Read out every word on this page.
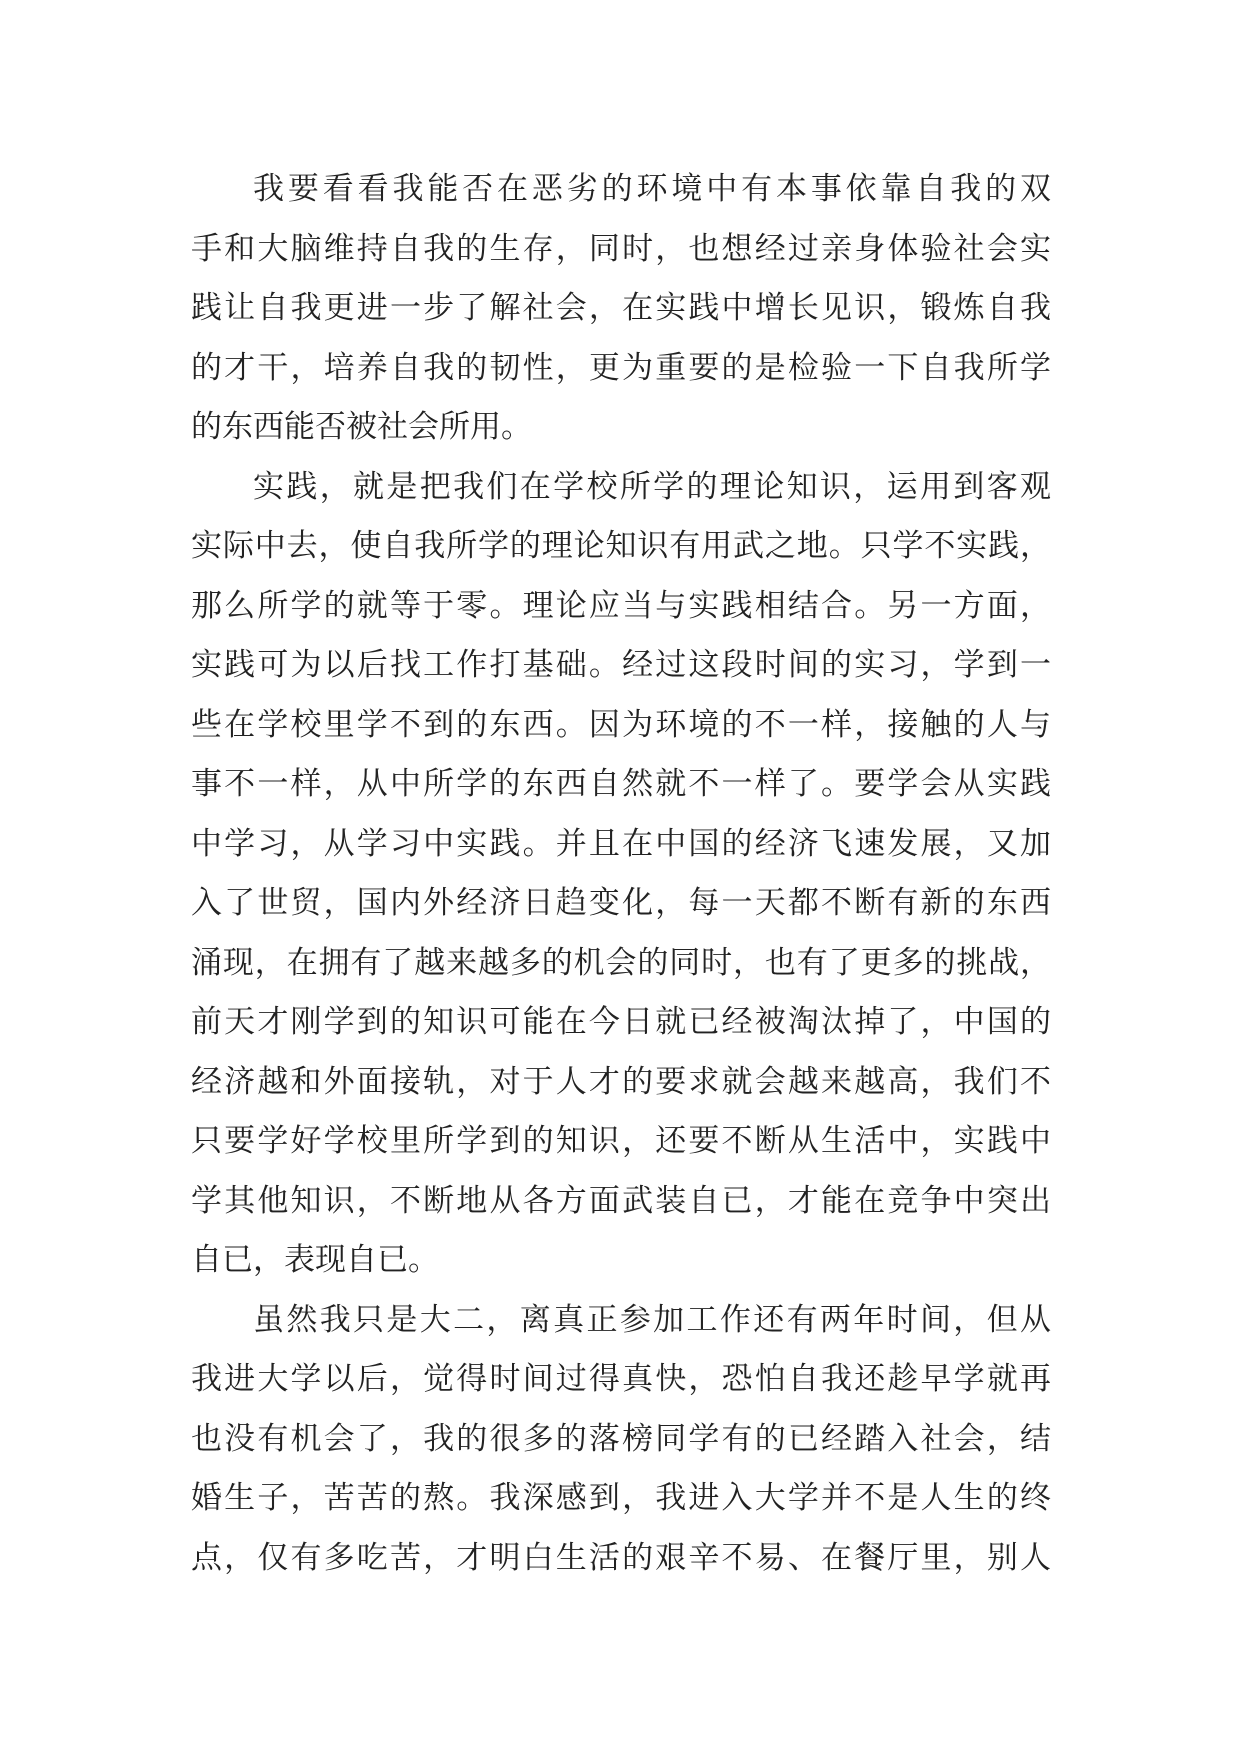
我要看看我能否在恶劣的环境中有本事依靠自我的双
手和大脑维持自我的生存，同时，也想经过亲身体验社会实
践让自我更进一步了解社会，在实践中增长见识，锻炼自我
的才干，培养自我的韧性，更为重要的是检验一下自我所学
的东西能否被社会所用。
实践，就是把我们在学校所学的理论知识，运用到客观
实际中去，使自我所学的理论知识有用武之地。只学不实践，
那么所学的就等于零。理论应当与实践相结合。另一方面，
实践可为以后找工作打基础。经过这段时间的实习，学到一
些在学校里学不到的东西。因为环境的不一样，接触的人与
事不一样，从中所学的东西自然就不一样了。要学会从实践
中学习，从学习中实践。并且在中国的经济飞速发展，又加
入了世贸，国内外经济日趋变化，每一天都不断有新的东西
涌现，在拥有了越来越多的机会的同时，也有了更多的挑战，
前天才刚学到的知识可能在今日就已经被淘汰掉了，中国的
经济越和外面接轨，对于人才的要求就会越来越高，我们不
只要学好学校里所学到的知识，还要不断从生活中，实践中
学其他知识，不断地从各方面武装自已，才能在竞争中突出
自已，表现自已。
虽然我只是大二，离真正参加工作还有两年时间，但从
我进大学以后，觉得时间过得真快，恐怕自我还趁早学就再
也没有机会了，我的很多的落榜同学有的已经踏入社会，结
婚生子，苦苦的熬。我深感到，我进入大学并不是人生的终
点，仅有多吃苦，才明白生活的艰辛不易、在餐厅里，别人
